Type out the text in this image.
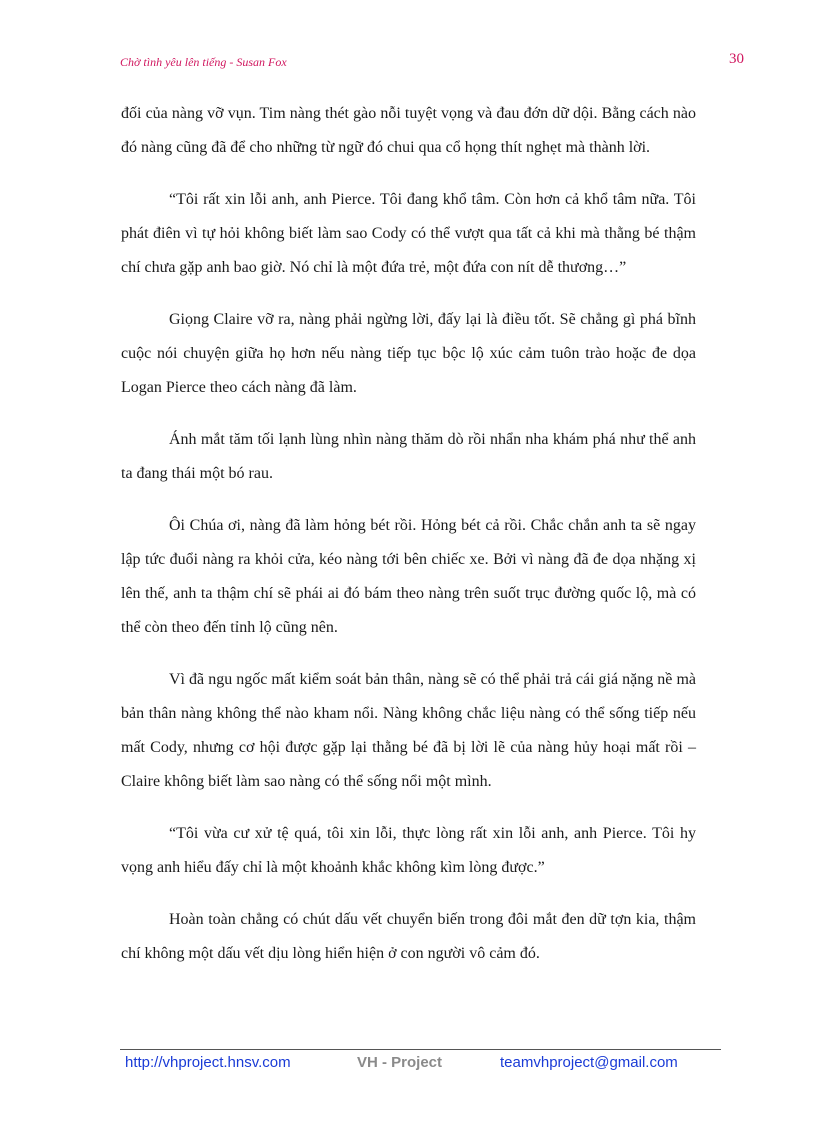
Chờ tình yêu lên tiếng - Susan Fox	30

đối của nàng vỡ vụn. Tim nàng thét gào nỗi tuyệt vọng và đau đớn dữ dội. Bằng cách nào đó nàng cũng đã để cho những từ ngữ đó chui qua cổ họng thít nghẹt mà thành lời.

“Tôi rất xin lỗi anh, anh Pierce. Tôi đang khổ tâm. Còn hơn cả khổ tâm nữa. Tôi phát điên vì tự hỏi không biết làm sao Cody có thể vượt qua tất cả khi mà thằng bé thậm chí chưa gặp anh bao giờ. Nó chỉ là một đứa trẻ, một đứa con nít dễ thương…”

Giọng Claire vỡ ra, nàng phải ngừng lời, đấy lại là điều tốt. Sẽ chẳng gì phá bĩnh cuộc nói chuyện giữa họ hơn nếu nàng tiếp tục bộc lộ xúc cảm tuôn trào hoặc đe dọa Logan Pierce theo cách nàng đã làm.

Ánh mắt tăm tối lạnh lùng nhìn nàng thăm dò rồi nhẩn nha khám phá như thể anh ta đang thái một bó rau.

Ôi Chúa ơi, nàng đã làm hỏng bét rồi. Hỏng bét cả rồi. Chắc chắn anh ta sẽ ngay lập tức đuổi nàng ra khỏi cửa, kéo nàng tới bên chiếc xe. Bởi vì nàng đã đe dọa nhặng xị lên thế, anh ta thậm chí sẽ phái ai đó bám theo nàng trên suốt trục đường quốc lộ, mà có thể còn theo đến tỉnh lộ cũng nên.

Vì đã ngu ngốc mất kiểm soát bản thân, nàng sẽ có thể phải trả cái giá nặng nề mà bản thân nàng không thể nào kham nổi. Nàng không chắc liệu nàng có thể sống tiếp nếu mất Cody, nhưng cơ hội được gặp lại thằng bé đã bị lời lẽ của nàng hủy hoại mất rồi – Claire không biết làm sao nàng có thể sống nổi một mình.

“Tôi vừa cư xử tệ quá, tôi xin lỗi, thực lòng rất xin lỗi anh, anh Pierce. Tôi hy vọng anh hiểu đấy chỉ là một khoảnh khắc không kìm lòng được.”

Hoàn toàn chẳng có chút dấu vết chuyển biến trong đôi mắt đen dữ tợn kia, thậm chí không một dấu vết dịu lòng hiển hiện ở con người vô cảm đó.

http://vhproject.hnsv.com	VH - Project	teamvhproject@gmail.com
